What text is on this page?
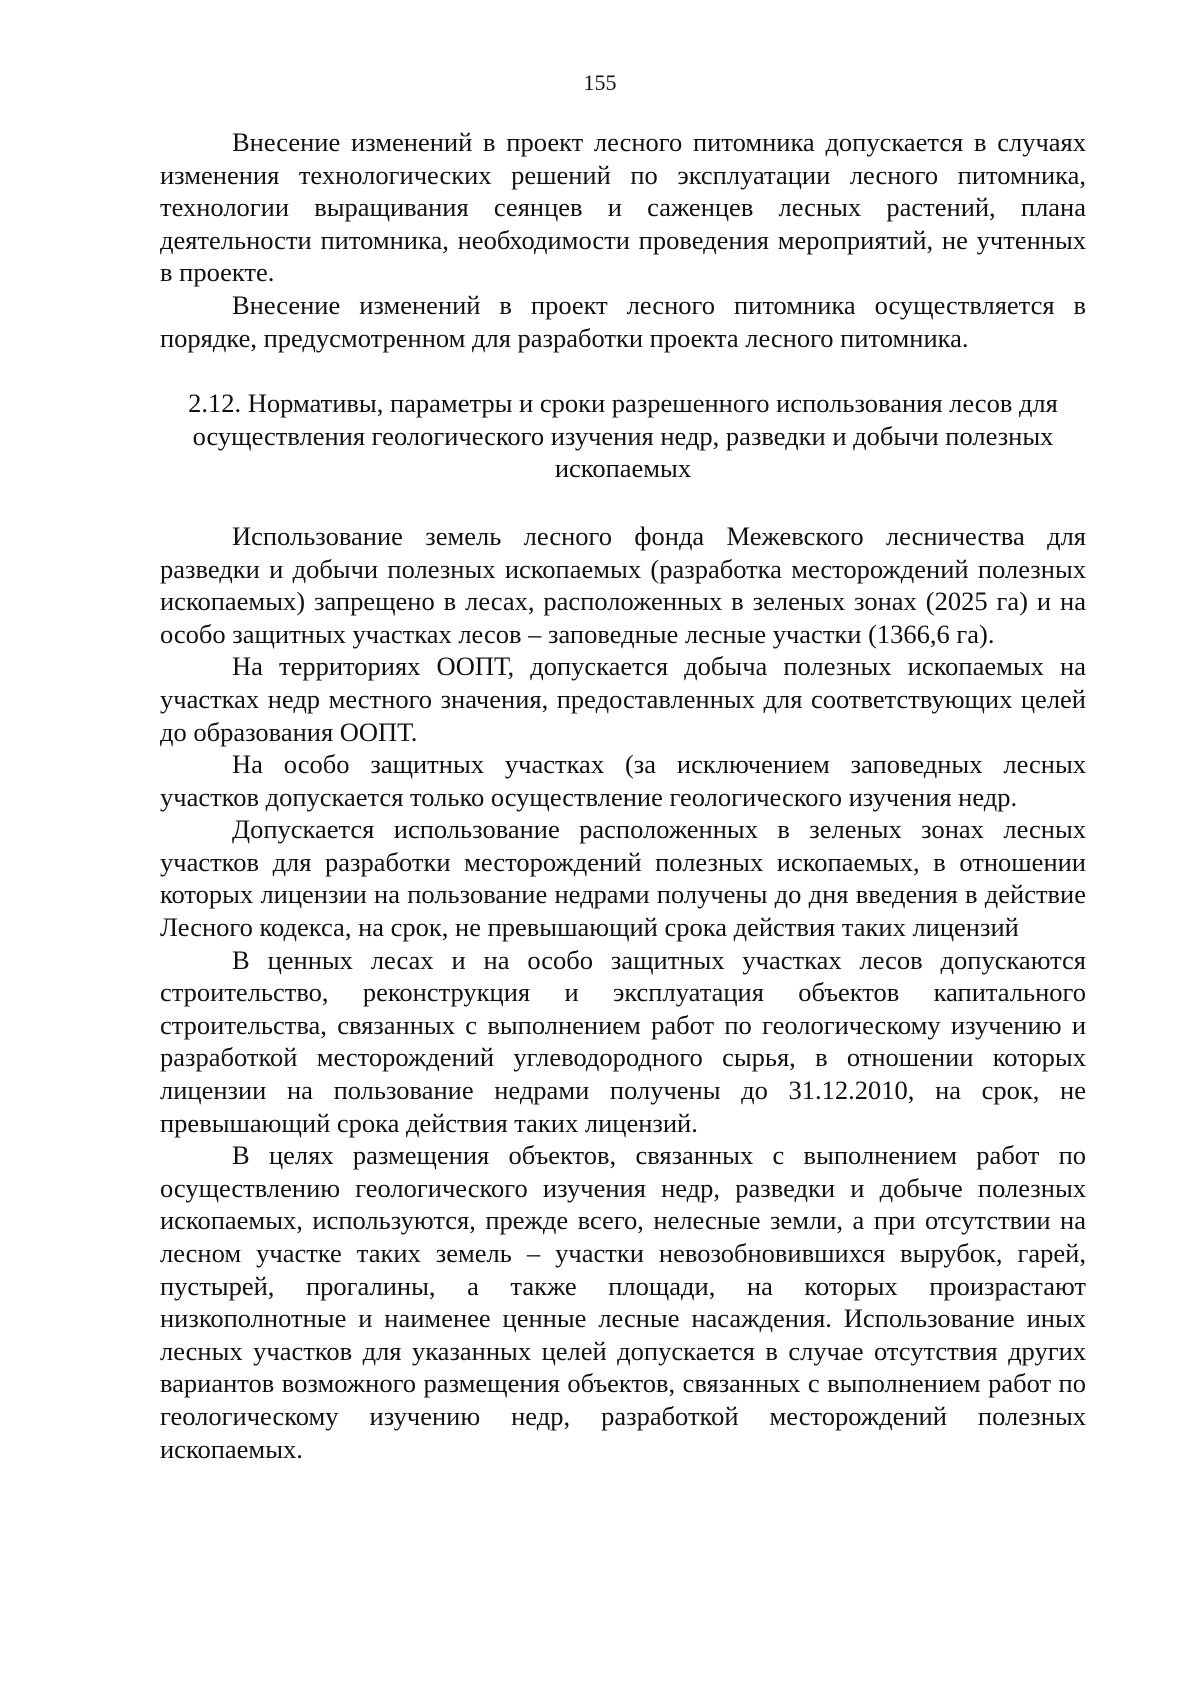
155

Внесение изменений в проект лесного питомника допускается в случаях изменения технологических решений по эксплуатации лесного питомника, технологии выращивания сеянцев и саженцев лесных растений, плана деятельности питомника, необходимости проведения мероприятий, не учтенных в проекте.

Внесение изменений в проект лесного питомника осуществляется в порядке, предусмотренном для разработки проекта лесного питомника.

2.12. Нормативы, параметры и сроки разрешенного использования лесов для осуществления геологического изучения недр, разведки и добычи полезных ископаемых

Использование земель лесного фонда Межевского лесничества для разведки и добычи полезных ископаемых (разработка месторождений полезных ископаемых) запрещено в лесах, расположенных в зеленых зонах (2025 га) и на особо защитных участках лесов – заповедные лесные участки (1366,6 га).

На территориях ООПТ, допускается добыча полезных ископаемых на участках недр местного значения, предоставленных для соответствующих целей до образования ООПТ.

На особо защитных участках (за исключением заповедных лесных участков допускается только осуществление геологического изучения недр.

Допускается использование расположенных в зеленых зонах лесных участков для разработки месторождений полезных ископаемых, в отношении которых лицензии на пользование недрами получены до дня введения в действие Лесного кодекса, на срок, не превышающий срока действия таких лицензий

В ценных лесах и на особо защитных участках лесов допускаются строительство, реконструкция и эксплуатация объектов капитального строительства, связанных с выполнением работ по геологическому изучению и разработкой месторождений углеводородного сырья, в отношении которых лицензии на пользование недрами получены до 31.12.2010, на срок, не превышающий срока действия таких лицензий.

В целях размещения объектов, связанных с выполнением работ по осуществлению геологического изучения недр, разведки и добыче полезных ископаемых, используются, прежде всего, нелесные земли, а при отсутствии на лесном участке таких земель – участки невозобновившихся вырубок, гарей, пустырей, прогалины, а также площади, на которых произрастают низкополнотные и наименее ценные лесные насаждения. Использование иных лесных участков для указанных целей допускается в случае отсутствия других вариантов возможного размещения объектов, связанных с выполнением работ по геологическому изучению недр, разработкой месторождений полезных ископаемых.
